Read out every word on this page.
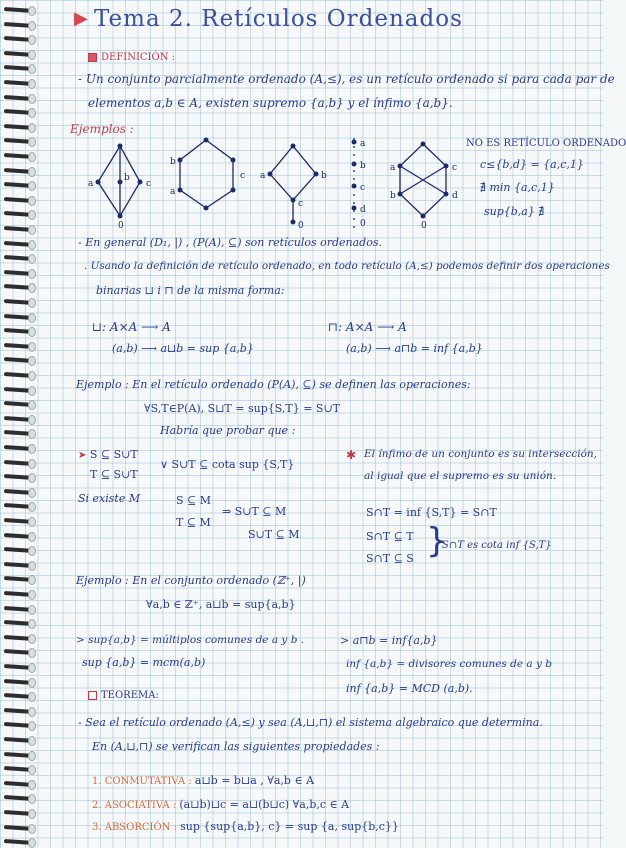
▶ Tema 2. Retículos Ordenados
DEFINICIÓN :
- Un conjunto parcialmente ordenado (A,≤), es un retículo ordenado si para cada par de
elementos a,b ∈ A, existen supremo {a,b} y el ínfimo {a,b}.
Ejemplos :
a
b
c
0
b
a
c a	b
c
0
a
b
c
d
0
a	c
b	d
0
NO ES RETÍCULO ORDENADO
c≤{b,d} = {a,c,1}
∄ min {a,c,1}
sup{b,a} ∄
- En general (D₁, |) , (P(A), ⊆) son retículos ordenados.
. Usando la definición de retículo ordenado, en todo retículo (A,≤) podemos definir dos operaciones
binarias ⊔ i ⊓ de la misma forma:
⊔: A×A ⟶ A
(a,b) ⟶ a⊔b = sup {a,b}
⊓: A×A ⟶ A
(a,b) ⟶ a⊓b = inf {a,b}
Ejemplo : En el retículo ordenado (P(A), ⊆) se definen las operaciones:
∀S,T∈P(A), S⊔T = sup{S,T} = S∪T
Habría que probar que :
➤ S ⊆ S∪T
T ⊆ S∪T
∨ S∪T ⊆ cota sup {S,T}
✱ El ínfimo de un conjunto es su intersección,
al igual que el supremo es su unión.
Si existe M	S ⊆ M
T ⊆ M
⇒ S∪T ⊆ M
S∪T ⊆ M
S∩T = inf {S,T} = S∩T
S∩T ⊆ T
S∩T ⊆ S }
S∩T es cota inf {S,T}
Ejemplo : En el conjunto ordenado (ℤ⁺, |)
∀a,b ∈ ℤ⁺, a⊔b = sup{a,b}
> sup{a,b} = múltiplos comunes de a y b .
sup {a,b} = mcm(a,b)
> a⊓b = inf{a,b}
inf {a,b} = divisores comunes de a y b
inf {a,b} = MCD (a,b).
TEOREMA:
- Sea el retículo ordenado (A,≤) y sea (A,⊔,⊓) el sistema algebraico que determina.
En (A,⊔,⊓) se verifican las siguientes propiedades :
1. CONMUTATIVA : a⊔b = b⊔a , ∀a,b ∈ A
2. ASOCIATIVA : (a⊔b)⊔c = a⊔(b⊔c) ∀a,b,c ∈ A
3. ABSORCIÓN : sup {sup{a,b}, c} = sup {a, sup{b,c}}
